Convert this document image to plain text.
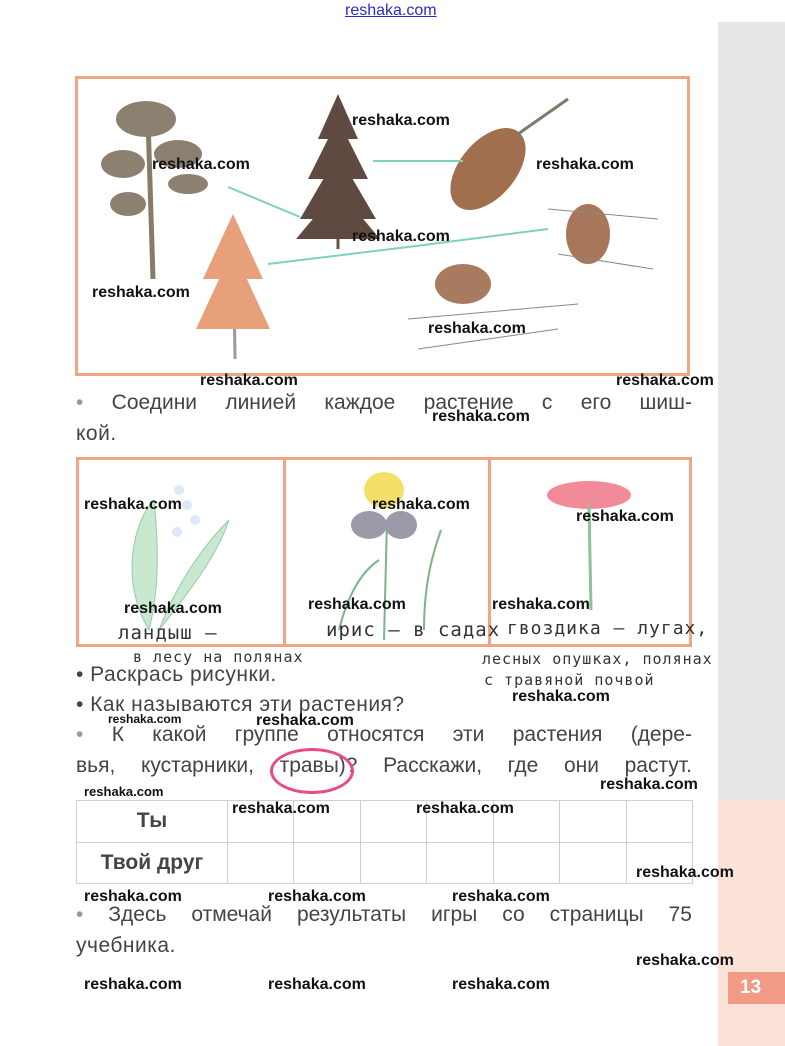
13
reshaka.com
• Соедини линией каждое растение с его шиш-
кой.
ландыш –
в лесу на полянах
ирис – в садах гвоздика – лугах,
лесных опушках, полянах
с травяной почвой
• Раскрась рисунки.
• Как называются эти растения?
• К какой группе относятся эти растения (дере-
вья, кустарники, травы)? Расскажи, где они растут.
Ты							
Твой друг							
• Здесь отмечай результаты игры со страницы 75
учебника.
reshaka.com
reshaka.com	reshaka.com
reshaka.com
reshaka.com
reshaka.com
reshaka.com	reshaka.com
reshaka.com
reshaka.com	reshaka.com
reshaka.com
reshaka.com	reshaka.com	reshaka.com
reshaka.com
reshaka.com	reshaka.com
reshaka.com
reshaka.com
reshaka.com	reshaka.com
reshaka.com
reshaka.com	reshaka.com	reshaka.com
reshaka.com
reshaka.com	reshaka.com	reshaka.com
